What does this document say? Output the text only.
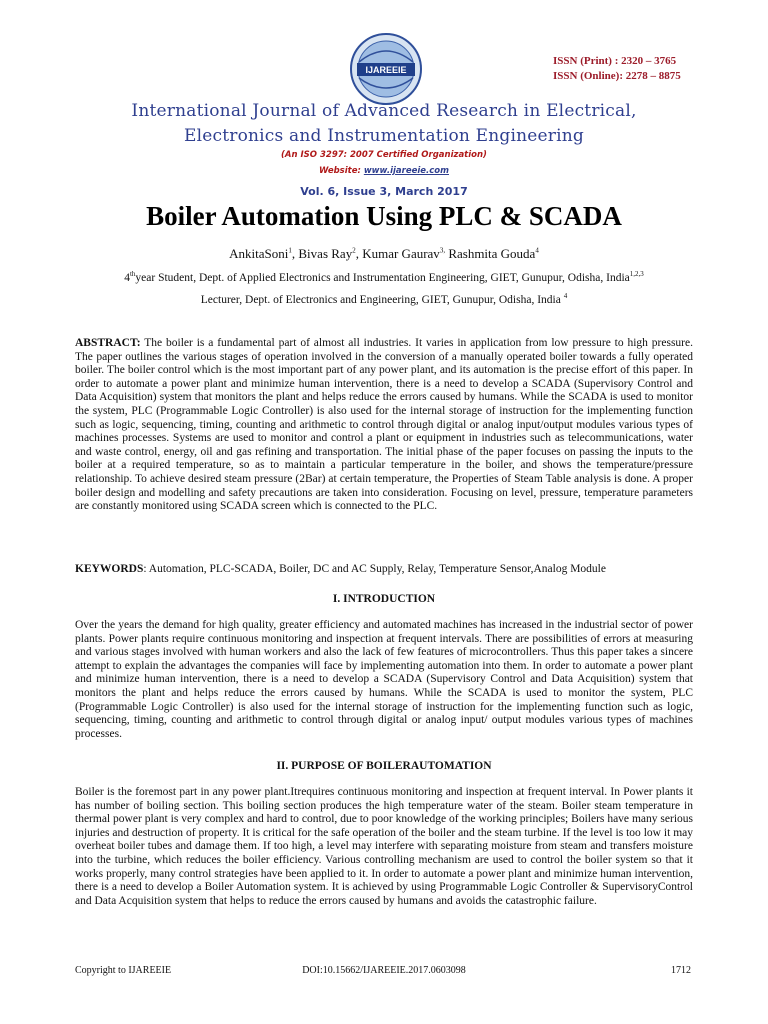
IJAREEIE
ISSN (Print) : 2320 – 3765
ISSN (Online): 2278 – 8875
International Journal of Advanced Research in Electrical,
Electronics and Instrumentation Engineering
(An ISO 3297: 2007 Certified Organization)
Website: www.ijareeie.com
Vol. 6, Issue 3, March 2017
Boiler Automation Using PLC & SCADA
AnkitaSoni$^1$, Bivas Ray$^2$, Kumar Gaurav$^{3,}$ Rashmita Gouda$^4$
4thyear Student, Dept. of Applied Electronics and Instrumentation Engineering, GIET, Gunupur, Odisha, India$^{1,2,3}$
Lecturer, Dept. of Electronics and Engineering, GIET, Gunupur, Odisha, India $^4$
ABSTRACT: The boiler is a fundamental part of almost all industries. It varies in application from low pressure to high pressure. The paper outlines the various stages of operation involved in the conversion of a manually operated boiler towards a fully operated boiler. The boiler control which is the most important part of any power plant, and its automation is the precise effort of this paper. In order to automate a power plant and minimize human intervention, there is a need to develop a SCADA (Supervisory Control and Data Acquisition) system that monitors the plant and helps reduce the errors caused by humans. While the SCADA is used to monitor the system, PLC (Programmable Logic Controller) is also used for the internal storage of instruction for the implementing function such as logic, sequencing, timing, counting and arithmetic to control through digital or analog input/output modules various types of machines processes. Systems are used to monitor and control a plant or equipment in industries such as telecommunications, water and waste control, energy, oil and gas refining and transportation. The initial phase of the paper focuses on passing the inputs to the boiler at a required temperature, so as to maintain a particular temperature in the boiler, and shows the temperature/pressure relationship. To achieve desired steam pressure (2Bar) at certain temperature, the Properties of Steam Table analysis is done. A proper boiler design and modelling and safety precautions are taken into consideration. Focusing on level, pressure, temperature parameters are constantly monitored using SCADA screen which is connected to the PLC.
KEYWORDS: Automation, PLC-SCADA, Boiler, DC and AC Supply, Relay, Temperature Sensor,Analog Module
I. INTRODUCTION
Over the years the demand for high quality, greater efficiency and automated machines has increased in the industrial sector of power plants. Power plants require continuous monitoring and inspection at frequent intervals. There are possibilities of errors at measuring and various stages involved with human workers and also the lack of few features of microcontrollers. Thus this paper takes a sincere attempt to explain the advantages the companies will face by implementing automation into them. In order to automate a power plant and minimize human intervention, there is a need to develop a SCADA (Supervisory Control and Data Acquisition) system that monitors the plant and helps reduce the errors caused by humans. While the SCADA is used to monitor the system, PLC (Programmable Logic Controller) is also used for the internal storage of instruction for the implementing function such as logic, sequencing, timing, counting and arithmetic to control through digital or analog input/ output modules various types of machines processes.
II. PURPOSE OF BOILERAUTOMATION
Boiler is the foremost part in any power plant.Itrequires continuous monitoring and inspection at frequent interval. In Power plants it has number of boiling section. This boiling section produces the high temperature water of the steam. Boiler steam temperature in thermal power plant is very complex and hard to control, due to poor knowledge of the working principles; Boilers have many serious injuries and destruction of property. It is critical for the safe operation of the boiler and the steam turbine. If the level is too low it may overheat boiler tubes and damage them. If too high, a level may interfere with separating moisture from steam and transfers moisture into the turbine, which reduces the boiler efficiency. Various controlling mechanism are used to control the boiler system so that it works properly, many control strategies have been applied to it. In order to automate a power plant and minimize human intervention, there is a need to develop a Boiler Automation system. It is achieved by using Programmable Logic Controller & SupervisoryControl and Data Acquisition system that helps to reduce the errors caused by humans and avoids the catastrophic failure.
Copyright to IJAREEIE	DOI:10.15662/IJAREEIE.2017.0603098	1712
